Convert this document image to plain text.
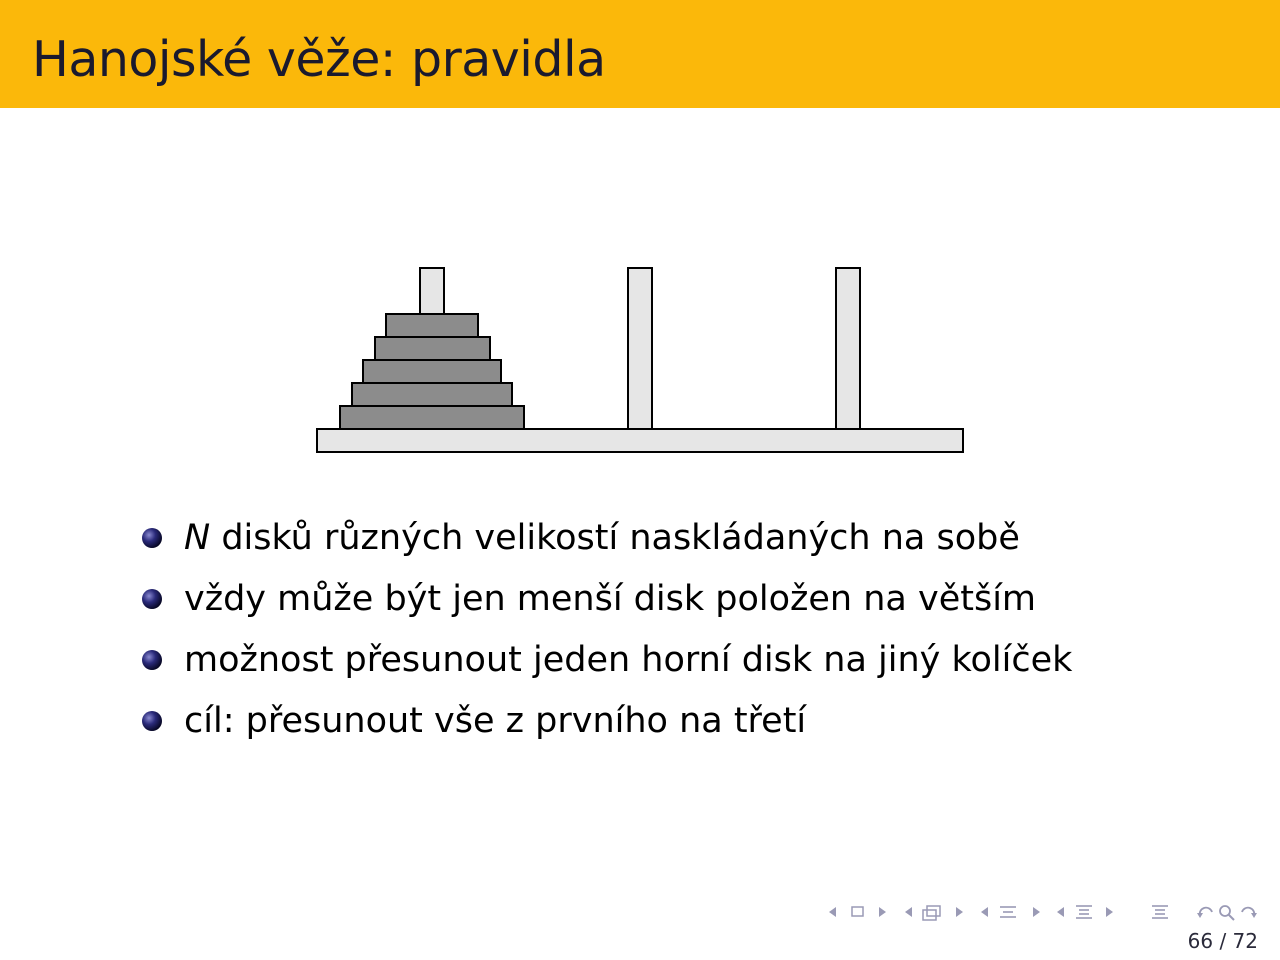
Hanojské věže: pravidla
N disků různých velikostí naskládaných na sobě
vždy může být jen menší disk položen na větším
možnost přesunout jeden horní disk na jiný kolíček
cíl: přesunout vše z prvního na třetí
66 / 72
